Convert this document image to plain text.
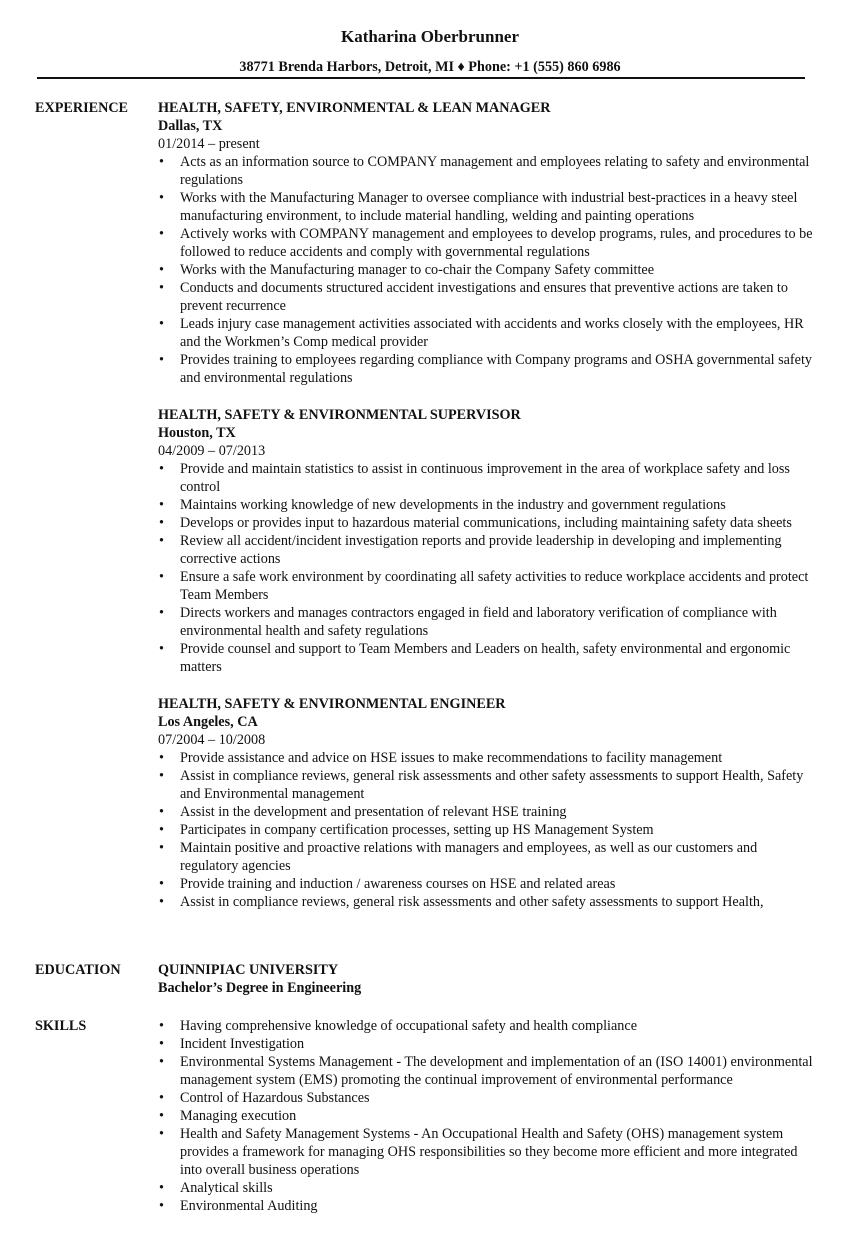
Katharina Oberbrunner
38771 Brenda Harbors, Detroit, MI ♦ Phone: +1 (555) 860 6986
EXPERIENCE HEALTH, SAFETY, ENVIRONMENTAL & LEAN MANAGER
Dallas, TX
01/2014 – present
• Acts as an information source to COMPANY management and employees relating to safety and environmental regulations
• Works with the Manufacturing Manager to oversee compliance with industrial best-practices in a heavy steel manufacturing environment, to include material handling, welding and painting operations
• Actively works with COMPANY management and employees to develop programs, rules, and procedures to be followed to reduce accidents and comply with governmental regulations
• Works with the Manufacturing manager to co-chair the Company Safety committee
• Conducts and documents structured accident investigations and ensures that preventive actions are taken to prevent recurrence
• Leads injury case management activities associated with accidents and works closely with the employees, HR and the Workmen’s Comp medical provider
• Provides training to employees regarding compliance with Company programs and OSHA governmental safety and environmental regulations
HEALTH, SAFETY & ENVIRONMENTAL SUPERVISOR
Houston, TX
04/2009 – 07/2013
• Provide and maintain statistics to assist in continuous improvement in the area of workplace safety and loss control
• Maintains working knowledge of new developments in the industry and government regulations
• Develops or provides input to hazardous material communications, including maintaining safety data sheets
• Review all accident/incident investigation reports and provide leadership in developing and implementing corrective actions
• Ensure a safe work environment by coordinating all safety activities to reduce workplace accidents and protect Team Members
• Directs workers and manages contractors engaged in field and laboratory verification of compliance with environmental health and safety regulations
• Provide counsel and support to Team Members and Leaders on health, safety environmental and ergonomic matters
HEALTH, SAFETY & ENVIRONMENTAL ENGINEER
Los Angeles, CA
07/2004 – 10/2008
• Provide assistance and advice on HSE issues to make recommendations to facility management
• Assist in compliance reviews, general risk assessments and other safety assessments to support Health, Safety and Environmental management
• Assist in the development and presentation of relevant HSE training
• Participates in company certification processes, setting up HS Management System
• Maintain positive and proactive relations with managers and employees, as well as our customers and regulatory agencies
• Provide training and induction / awareness courses on HSE and related areas
• Assist in compliance reviews, general risk assessments and other safety assessments to support Health,
EDUCATION	QUINNIPIAC UNIVERSITY
Bachelor’s Degree in Engineering
SKILLS
•	Having comprehensive knowledge of occupational safety and health compliance
• Incident Investigation
• Environmental Systems Management - The development and implementation of an (ISO 14001) environmental management system (EMS) promoting the continual improvement of environmental performance
• Control of Hazardous Substances
• Managing execution
• Health and Safety Management Systems - An Occupational Health and Safety (OHS) management system provides a framework for managing OHS responsibilities so they become more efficient and more integrated into overall business operations
• Analytical skills
• Environmental Auditing
